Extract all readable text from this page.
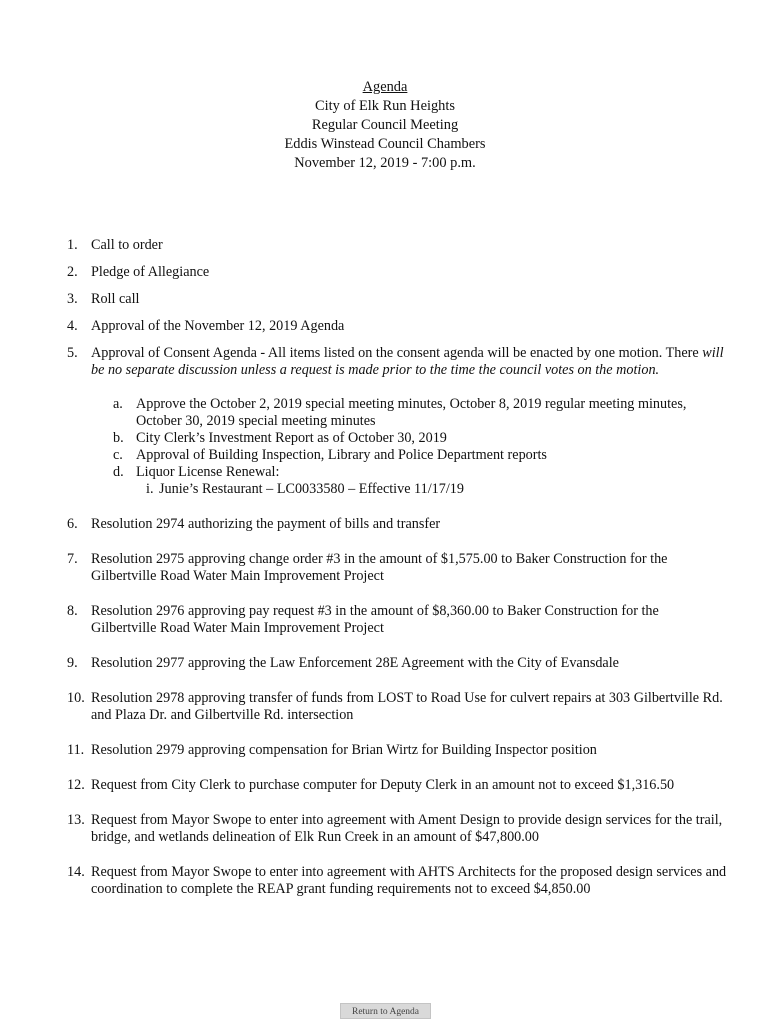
Agenda
City of Elk Run Heights
Regular Council Meeting
Eddis Winstead Council Chambers
November 12, 2019 - 7:00 p.m.
1. Call to order
2. Pledge of Allegiance
3. Roll call
4. Approval of the November 12, 2019 Agenda
5. Approval of Consent Agenda - All items listed on the consent agenda will be enacted by one motion. There will be no separate discussion unless a request is made prior to the time the council votes on the motion.
a. Approve the October 2, 2019 special meeting minutes, October 8, 2019 regular meeting minutes, October 30, 2019 special meeting minutes
b. City Clerk’s Investment Report as of October 30, 2019
c. Approval of Building Inspection, Library and Police Department reports
d. Liquor License Renewal:
i. Junie’s Restaurant – LC0033580 – Effective 11/17/19
6. Resolution 2974 authorizing the payment of bills and transfer
7. Resolution 2975 approving change order #3 in the amount of $1,575.00 to Baker Construction for the Gilbertville Road Water Main Improvement Project
8. Resolution 2976 approving pay request #3 in the amount of $8,360.00 to Baker Construction for the Gilbertville Road Water Main Improvement Project
9. Resolution 2977 approving the Law Enforcement 28E Agreement with the City of Evansdale
10. Resolution 2978 approving transfer of funds from LOST to Road Use for culvert repairs at 303 Gilbertville Rd. and Plaza Dr. and Gilbertville Rd. intersection
11. Resolution 2979 approving compensation for Brian Wirtz for Building Inspector position
12. Request from City Clerk to purchase computer for Deputy Clerk in an amount not to exceed $1,316.50
13. Request from Mayor Swope to enter into agreement with Ament Design to provide design services for the trail, bridge, and wetlands delineation of Elk Run Creek in an amount of $47,800.00
14. Request from Mayor Swope to enter into agreement with AHTS Architects for the proposed design services and coordination to complete the REAP grant funding requirements not to exceed $4,850.00
Return to Agenda
